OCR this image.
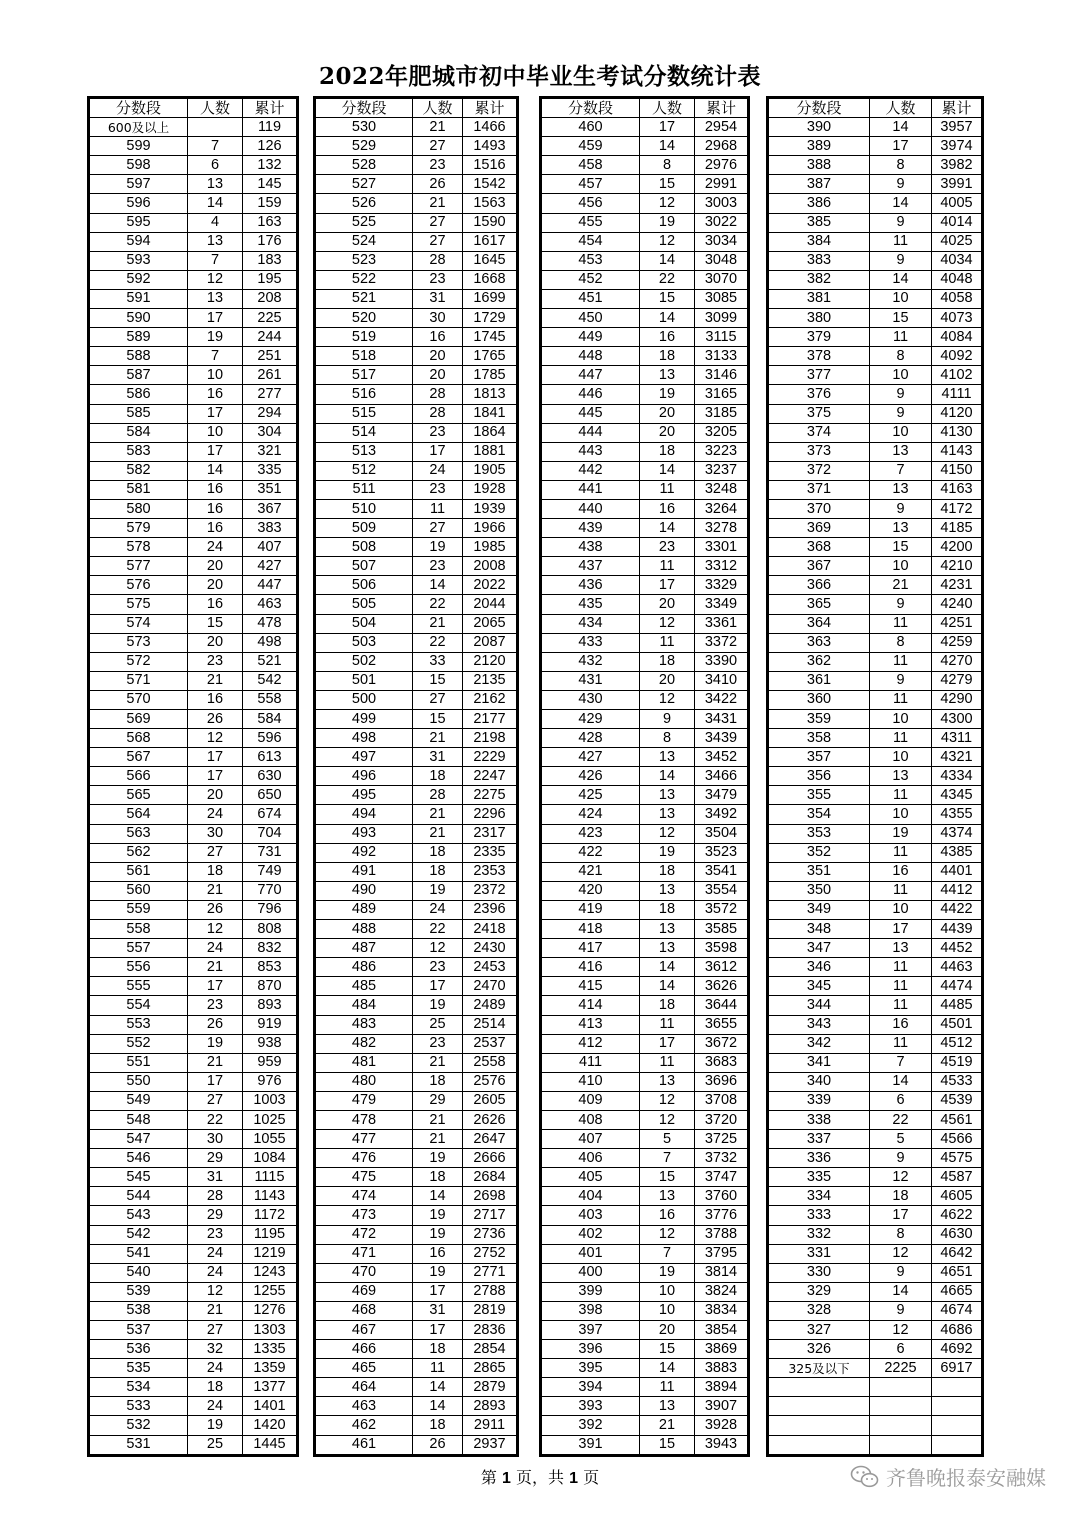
2022年肥城市初中毕业生考试分数统计表
分数段	人数	累计
600及以上		119
599	7	126
598	6	132
597	13	145
596	14	159
595	4	163
594	13	176
593	7	183
592	12	195
591	13	208
590	17	225
589	19	244
588	7	251
587	10	261
586	16	277
585	17	294
584	10	304
583	17	321
582	14	335
581	16	351
580	16	367
579	16	383
578	24	407
577	20	427
576	20	447
575	16	463
574	15	478
573	20	498
572	23	521
571	21	542
570	16	558
569	26	584
568	12	596
567	17	613
566	17	630
565	20	650
564	24	674
563	30	704
562	27	731
561	18	749
560	21	770
559	26	796
558	12	808
557	24	832
556	21	853
555	17	870
554	23	893
553	26	919
552	19	938
551	21	959
550	17	976
549	27	1003
548	22	1025
547	30	1055
546	29	1084
545	31	1115
544	28	1143
543	29	1172
542	23	1195
541	24	1219
540	24	1243
539	12	1255
538	21	1276
537	27	1303
536	32	1335
535	24	1359
534	18	1377
533	24	1401
532	19	1420
531	25	1445
分数段	人数	累计
530	21	1466
529	27	1493
528	23	1516
527	26	1542
526	21	1563
525	27	1590
524	27	1617
523	28	1645
522	23	1668
521	31	1699
520	30	1729
519	16	1745
518	20	1765
517	20	1785
516	28	1813
515	28	1841
514	23	1864
513	17	1881
512	24	1905
511	23	1928
510	11	1939
509	27	1966
508	19	1985
507	23	2008
506	14	2022
505	22	2044
504	21	2065
503	22	2087
502	33	2120
501	15	2135
500	27	2162
499	15	2177
498	21	2198
497	31	2229
496	18	2247
495	28	2275
494	21	2296
493	21	2317
492	18	2335
491	18	2353
490	19	2372
489	24	2396
488	22	2418
487	12	2430
486	23	2453
485	17	2470
484	19	2489
483	25	2514
482	23	2537
481	21	2558
480	18	2576
479	29	2605
478	21	2626
477	21	2647
476	19	2666
475	18	2684
474	14	2698
473	19	2717
472	19	2736
471	16	2752
470	19	2771
469	17	2788
468	31	2819
467	17	2836
466	18	2854
465	11	2865
464	14	2879
463	14	2893
462	18	2911
461	26	2937
分数段	人数	累计
460	17	2954
459	14	2968
458	8	2976
457	15	2991
456	12	3003
455	19	3022
454	12	3034
453	14	3048
452	22	3070
451	15	3085
450	14	3099
449	16	3115
448	18	3133
447	13	3146
446	19	3165
445	20	3185
444	20	3205
443	18	3223
442	14	3237
441	11	3248
440	16	3264
439	14	3278
438	23	3301
437	11	3312
436	17	3329
435	20	3349
434	12	3361
433	11	3372
432	18	3390
431	20	3410
430	12	3422
429	9	3431
428	8	3439
427	13	3452
426	14	3466
425	13	3479
424	13	3492
423	12	3504
422	19	3523
421	18	3541
420	13	3554
419	18	3572
418	13	3585
417	13	3598
416	14	3612
415	14	3626
414	18	3644
413	11	3655
412	17	3672
411	11	3683
410	13	3696
409	12	3708
408	12	3720
407	5	3725
406	7	3732
405	15	3747
404	13	3760
403	16	3776
402	12	3788
401	7	3795
400	19	3814
399	10	3824
398	10	3834
397	20	3854
396	15	3869
395	14	3883
394	11	3894
393	13	3907
392	21	3928
391	15	3943
分数段	人数	累计
390	14	3957
389	17	3974
388	8	3982
387	9	3991
386	14	4005
385	9	4014
384	11	4025
383	9	4034
382	14	4048
381	10	4058
380	15	4073
379	11	4084
378	8	4092
377	10	4102
376	9	4111
375	9	4120
374	10	4130
373	13	4143
372	7	4150
371	13	4163
370	9	4172
369	13	4185
368	15	4200
367	10	4210
366	21	4231
365	9	4240
364	11	4251
363	8	4259
362	11	4270
361	9	4279
360	11	4290
359	10	4300
358	11	4311
357	10	4321
356	13	4334
355	11	4345
354	10	4355
353	19	4374
352	11	4385
351	16	4401
350	11	4412
349	10	4422
348	17	4439
347	13	4452
346	11	4463
345	11	4474
344	11	4485
343	16	4501
342	11	4512
341	7	4519
340	14	4533
339	6	4539
338	22	4561
337	5	4566
336	9	4575
335	12	4587
334	18	4605
333	17	4622
332	8	4630
331	12	4642
330	9	4651
329	14	4665
328	9	4674
327	12	4686
326	6	4692
325及以下	2225	6917

第 1 页，共 1 页	齐鲁晚报泰安融媒
